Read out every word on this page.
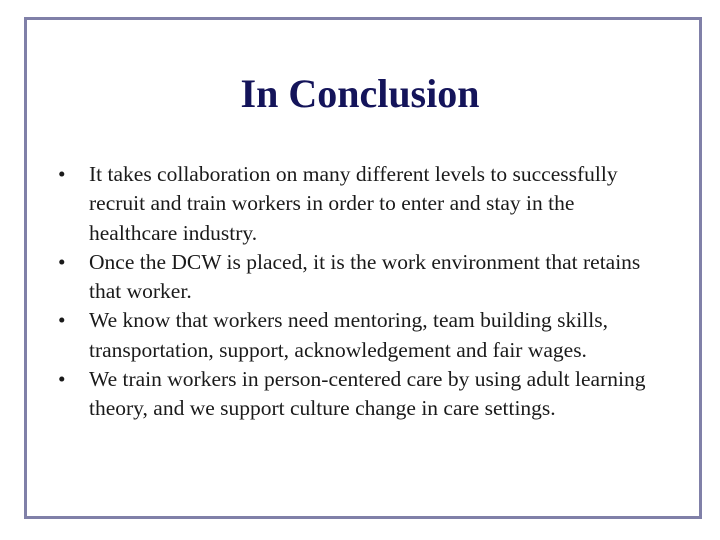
In Conclusion
•	It takes collaboration on many different levels to successfully recruit and train workers in order to enter and stay in the healthcare industry.
•	Once the DCW is placed, it is the work environment that retains that worker.
•	We know that workers need mentoring, team building skills, transportation, support, acknowledgement and fair wages.
•	We train workers in person-centered care by using adult learning theory, and we support culture change in care settings.
